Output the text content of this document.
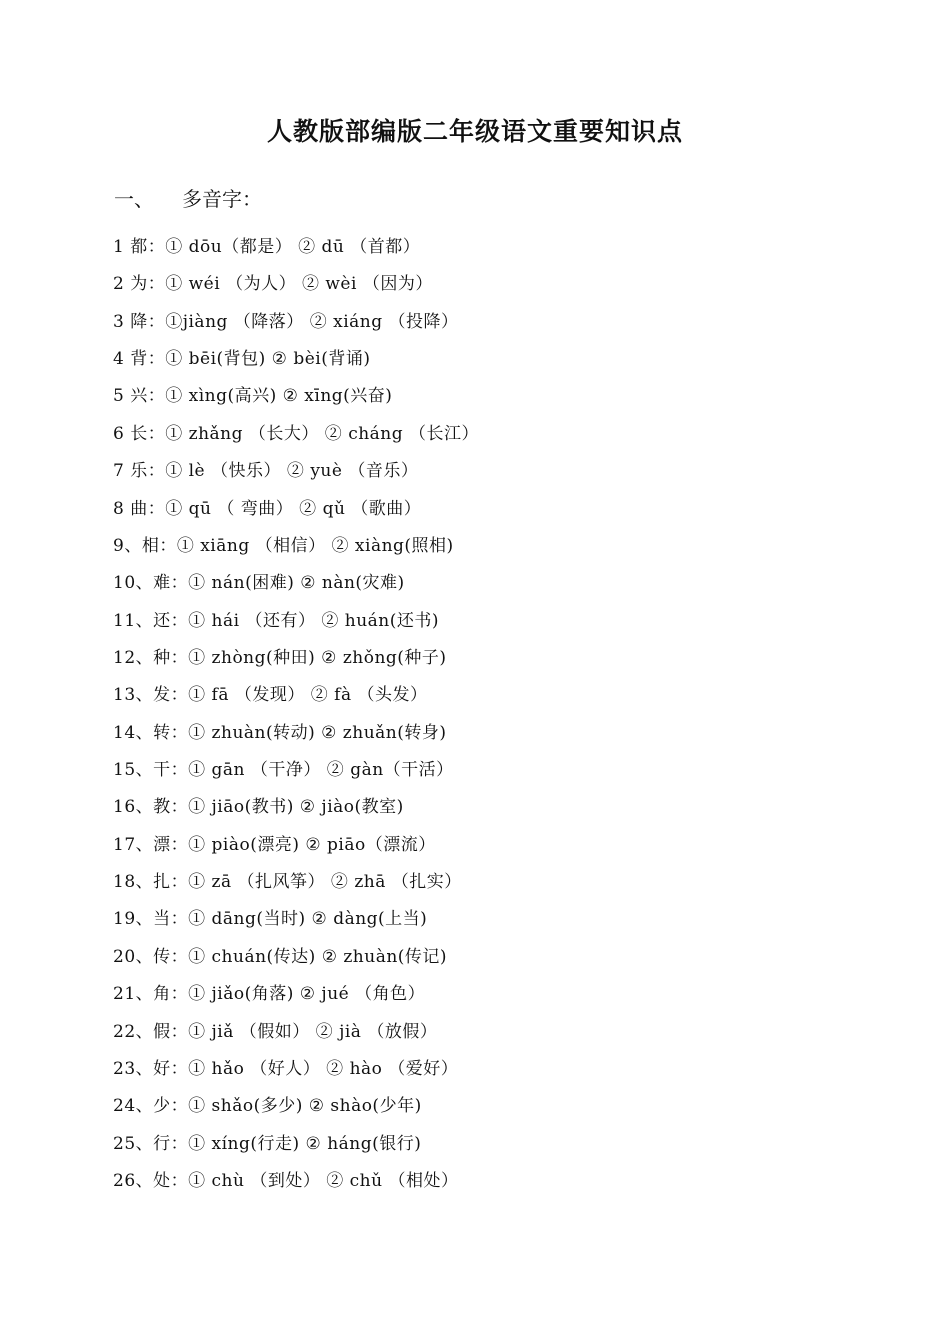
人教版部编版二年级语文重要知识点
一、 多音字：
1 都：① dōu（都是） ② dū （首都）
2 为：① wéi （为人） ② wèi （因为）
3 降：①jiàng （降落） ② xiáng （投降）
4 背：① bēi(背包) ② bèi(背诵)
5 兴：① xìng(高兴) ② xīng(兴奋)
6 长：① zhǎng （长大） ② cháng （长江）
7 乐：① lè （快乐） ② yuè （音乐）
8 曲：① qū （ 弯曲） ② qǔ （歌曲）
9、相：① xiāng （相信） ② xiàng(照相)
10、难：① nán(困难) ② nàn(灾难)
11、还：① hái （还有） ② huán(还书)
12、种：① zhòng(种田) ② zhǒng(种子)
13、发：① fā （发现） ② fà （头发）
14、转：① zhuàn(转动) ② zhuǎn(转身)
15、干：① gān （干净） ② gàn（干活）
16、教：① jiāo(教书) ② jiào(教室)
17、漂：① piào(漂亮) ② piāo（漂流）
18、扎：① zā （扎风筝） ② zhā （扎实）
19、当：① dāng(当时) ② dàng(上当)
20、传：① chuán(传达) ② zhuàn(传记)
21、角：① jiǎo(角落) ② jué （角色）
22、假：① jiǎ （假如） ② jià （放假）
23、好：① hǎo （好人） ② hào （爱好）
24、少：① shǎo(多少) ② shào(少年)
25、行：① xíng(行走) ② háng(银行)
26、处：① chù （到处） ② chǔ （相处）
